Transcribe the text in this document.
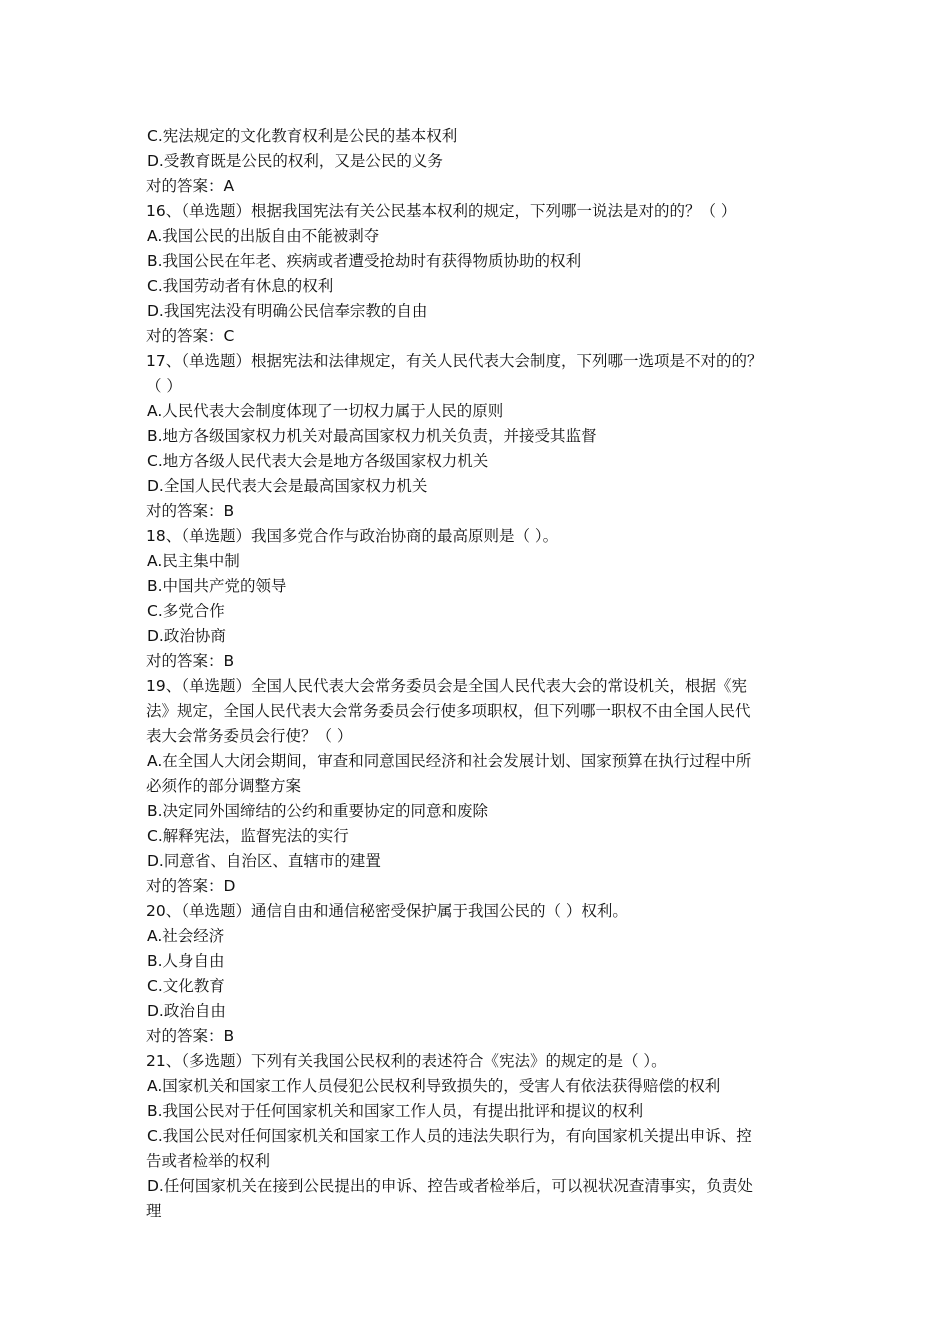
C.宪法规定的文化教育权利是公民的基本权利
D.受教育既是公民的权利，又是公民的义务
对的答案：A
16、（单选题）根据我国宪法有关公民基本权利的规定，下列哪一说法是对的的？（ ）
A.我国公民的出版自由不能被剥夺
B.我国公民在年老、疾病或者遭受抢劫时有获得物质协助的权利
C.我国劳动者有休息的权利
D.我国宪法没有明确公民信奉宗教的自由
对的答案：C
17、（单选题）根据宪法和法律规定，有关人民代表大会制度，下列哪一选项是不对的的？
（ ）
A.人民代表大会制度体现了一切权力属于人民的原则
B.地方各级国家权力机关对最高国家权力机关负责，并接受其监督
C.地方各级人民代表大会是地方各级国家权力机关
D.全国人民代表大会是最高国家权力机关
对的答案：B
18、（单选题）我国多党合作与政治协商的最高原则是（ ）。
A.民主集中制
B.中国共产党的领导
C.多党合作
D.政治协商
对的答案：B
19、（单选题）全国人民代表大会常务委员会是全国人民代表大会的常设机关，根据《宪
法》规定，全国人民代表大会常务委员会行使多项职权，但下列哪一职权不由全国人民代
表大会常务委员会行使？（ ）
A.在全国人大闭会期间，审查和同意国民经济和社会发展计划、国家预算在执行过程中所
必须作的部分调整方案
B.决定同外国缔结的公约和重要协定的同意和废除
C.解释宪法，监督宪法的实行
D.同意省、自治区、直辖市的建置
对的答案：D
20、（单选题）通信自由和通信秘密受保护属于我国公民的（ ）权利。
A.社会经济
B.人身自由
C.文化教育
D.政治自由
对的答案：B
21、（多选题）下列有关我国公民权利的表述符合《宪法》的规定的是（ ）。
A.国家机关和国家工作人员侵犯公民权利导致损失的，受害人有依法获得赔偿的权利
B.我国公民对于任何国家机关和国家工作人员，有提出批评和提议的权利
C.我国公民对任何国家机关和国家工作人员的违法失职行为，有向国家机关提出申诉、控
告或者检举的权利
D.任何国家机关在接到公民提出的申诉、控告或者检举后，可以视状况查清事实，负责处
理
